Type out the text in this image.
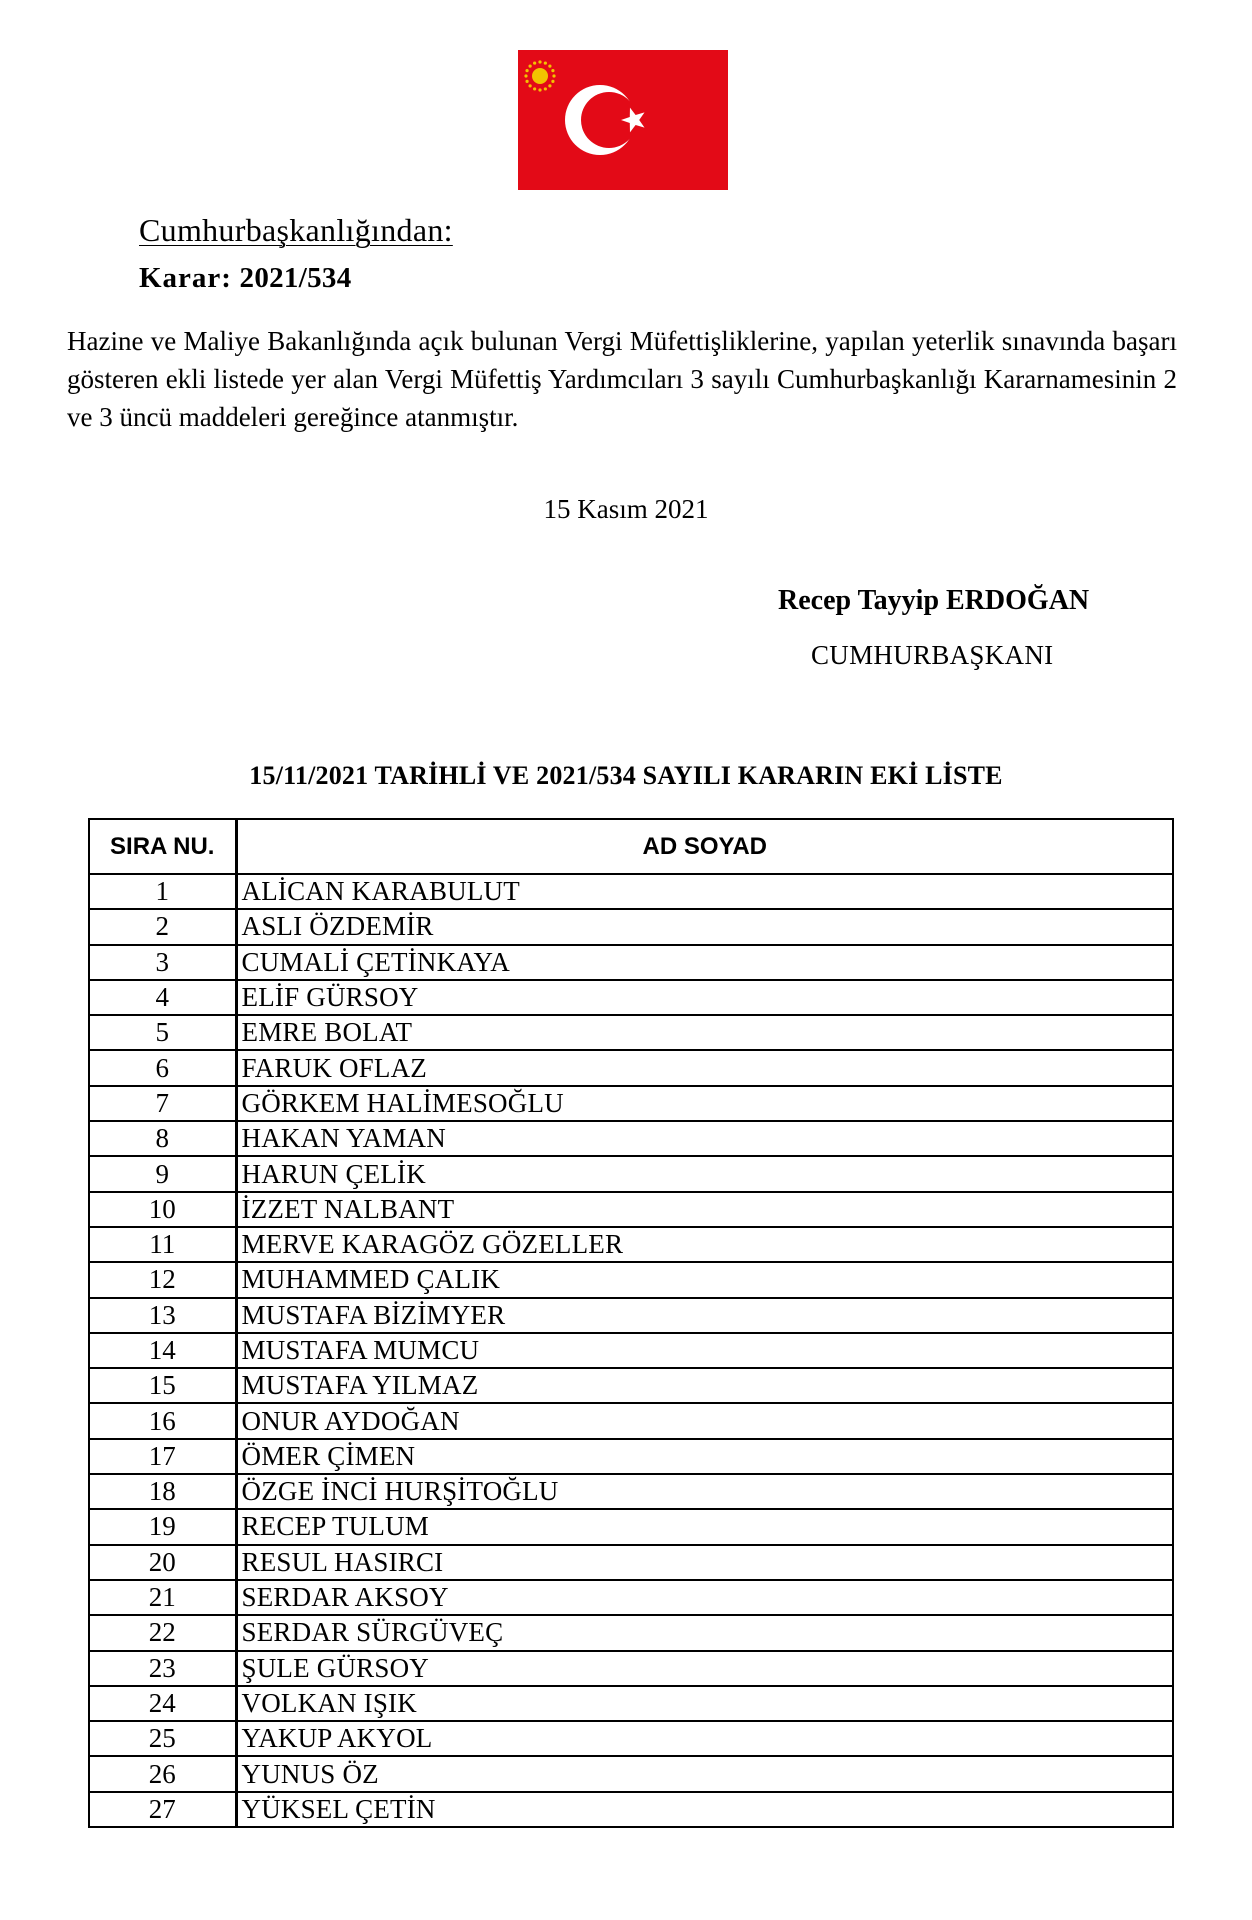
Cumhurbaşkanlığından:
Karar: 2021/534
Hazine ve Maliye Bakanlığında açık bulunan Vergi Müfettişliklerine, yapılan yeterlik sınavında başarı gösteren ekli listede yer alan Vergi Müfettiş Yardımcıları 3 sayılı Cumhurbaşkanlığı Kararnamesinin 2 ve 3 üncü maddeleri gereğince atanmıştır.
15 Kasım 2021
Recep Tayyip ERDOĞAN
CUMHURBAŞKANI
15/11/2021 TARİHLİ VE 2021/534 SAYILI KARARIN EKİ LİSTE
SIRA NU.	AD SOYAD
1	ALİCAN KARABULUT
2	ASLI ÖZDEMİR
3	CUMALİ ÇETİNKAYA
4	ELİF GÜRSOY
5	EMRE BOLAT
6	FARUK OFLAZ
7	GÖRKEM HALİMESOĞLU
8	HAKAN YAMAN
9	HARUN ÇELİK
10	İZZET NALBANT
11	MERVE KARAGÖZ GÖZELLER
12	MUHAMMED ÇALIK
13	MUSTAFA BİZİMYER
14	MUSTAFA MUMCU
15	MUSTAFA YILMAZ
16	ONUR AYDOĞAN
17	ÖMER ÇİMEN
18	ÖZGE İNCİ HURŞİTOĞLU
19	RECEP TULUM
20	RESUL HASIRCI
21	SERDAR AKSOY
22	SERDAR SÜRGÜVEÇ
23	ŞULE GÜRSOY
24	VOLKAN IŞIK
25	YAKUP AKYOL
26	YUNUS ÖZ
27	YÜKSEL ÇETİN
